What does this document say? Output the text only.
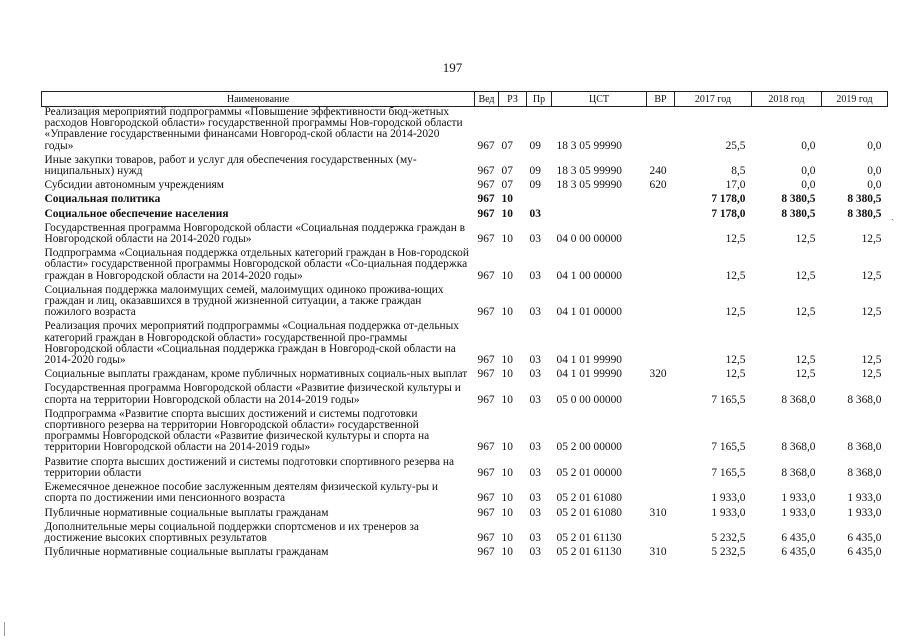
197
Наименование	Вед	РЗ	Пр	ЦСТ	ВР	2017 год	2018 год	2019 год
Реализация мероприятий подпрограммы «Повышение эффективности бюд-жетных расходов Новгородской области» государственной программы Нов-городской области «Управление государственными финансами Новгород-ской области на 2014-2020 годы»	967	07	09	18 3 05 99990		25,5	0,0	0,0
Иные закупки товаров, работ и услуг для обеспечения государственных (му-ниципальных) нужд	967	07	09	18 3 05 99990	240	8,5	0,0	0,0
Субсидии автономным учреждениям	967	07	09	18 3 05 99990	620	17,0	0,0	0,0
Социальная политика	967	10				7 178,0	8 380,5	8 380,5
Социальное обеспечение населения	967	10	03			7 178,0	8 380,5	8 380,5
Государственная программа Новгородской области «Социальная поддержка граждан в Новгородской области на 2014-2020 годы»	967	10	03	04 0 00 00000		12,5	12,5	12,5
Подпрограмма «Социальная поддержка отдельных категорий граждан в Нов-городской области» государственной программы Новгородской области «Со-циальная поддержка граждан в Новгородской области на 2014-2020 годы»	967	10	03	04 1 00 00000		12,5	12,5	12,5
Социальная поддержка малоимущих семей, малоимущих одиноко прожива-ющих граждан и лиц, оказавшихся в трудной жизненной ситуации, а также граждан пожилого возраста	967	10	03	04 1 01 00000		12,5	12,5	12,5
Реализация прочих мероприятий подпрограммы «Социальная поддержка от-дельных категорий граждан в Новгородской области» государственной про-граммы Новгородской области «Социальная поддержка граждан в Новгород-ской области на 2014-2020 годы»	967	10	03	04 1 01 99990		12,5	12,5	12,5
Социальные выплаты гражданам, кроме публичных нормативных социаль-ных выплат	967	10	03	04 1 01 99990	320	12,5	12,5	12,5
Государственная программа Новгородской области «Развитие физической культуры и спорта на территории Новгородской области на 2014-2019 годы»	967	10	03	05 0 00 00000		7 165,5	8 368,0	8 368,0
Подпрограмма «Развитие спорта высших достижений и системы подготовки спортивного резерва на территории Новгородской области» государственной программы Новгородской области «Развитие физической культуры и спорта на территории Новгородской области на 2014-2019 годы»	967	10	03	05 2 00 00000		7 165,5	8 368,0	8 368,0
Развитие спорта высших достижений и системы подготовки спортивного резерва на территории области	967	10	03	05 2 01 00000		7 165,5	8 368,0	8 368,0
Ежемесячное денежное пособие заслуженным деятелям физической культу-ры и спорта по достижении ими пенсионного возраста	967	10	03	05 2 01 61080		1 933,0	1 933,0	1 933,0
Публичные нормативные социальные выплаты гражданам	967	10	03	05 2 01 61080	310	1 933,0	1 933,0	1 933,0
Дополнительные меры социальной поддержки спортсменов и их тренеров за достижение высоких спортивных результатов	967	10	03	05 2 01 61130		5 232,5	6 435,0	6 435,0
Публичные нормативные социальные выплаты гражданам	967	10	03	05 2 01 61130	310	5 232,5	6 435,0	6 435,0
ˏ
